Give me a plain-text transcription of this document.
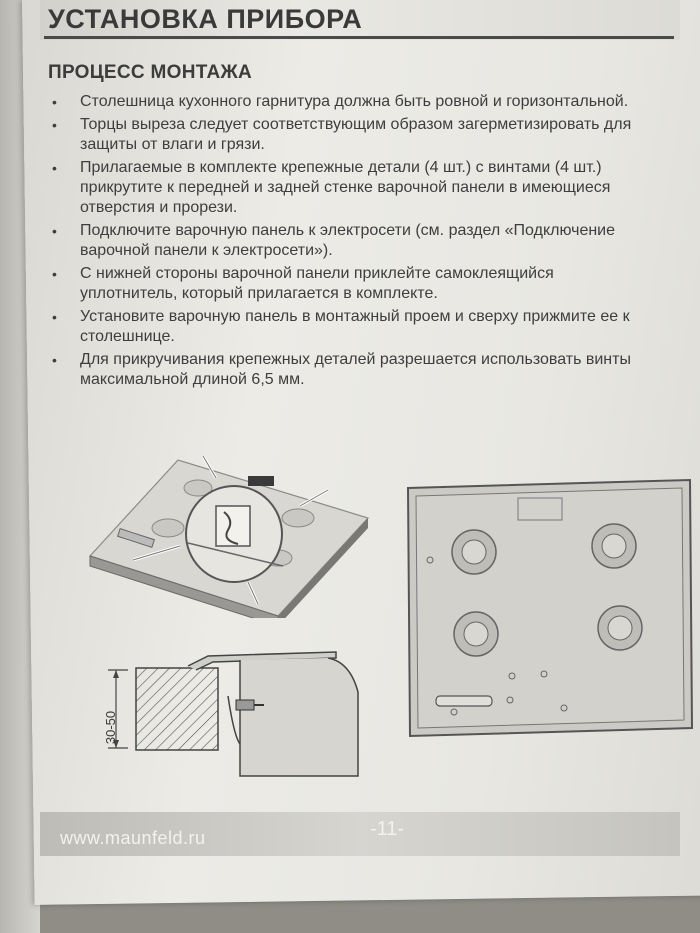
УСТАНОВКА ПРИБОРА
ПРОЦЕСС МОНТАЖА
• Столешница кухонного гарнитура должна быть ровной и горизонтальной.
• Торцы выреза следует соответствующим образом загерметизировать для защиты от влаги и грязи.
• Прилагаемые в комплекте крепежные детали (4 шт.) с винтами (4 шт.) прикрутите к передней и задней стенке варочной панели в имеющиеся отверстия и прорези.
• Подключите варочную панель к электросети (см. раздел «Подключение варочной панели к электросети»).
• С нижней стороны варочной панели приклейте самоклеящийся уплотнитель, который прилагается в комплекте.
• Установите варочную панель в монтажный проем и сверху прижмите ее к столешнице.
• Для прикручивания крепежных деталей разрешается использовать винты максимальной длиной 6,5 мм.
30-50
www.maunfeld.ru	-11-
